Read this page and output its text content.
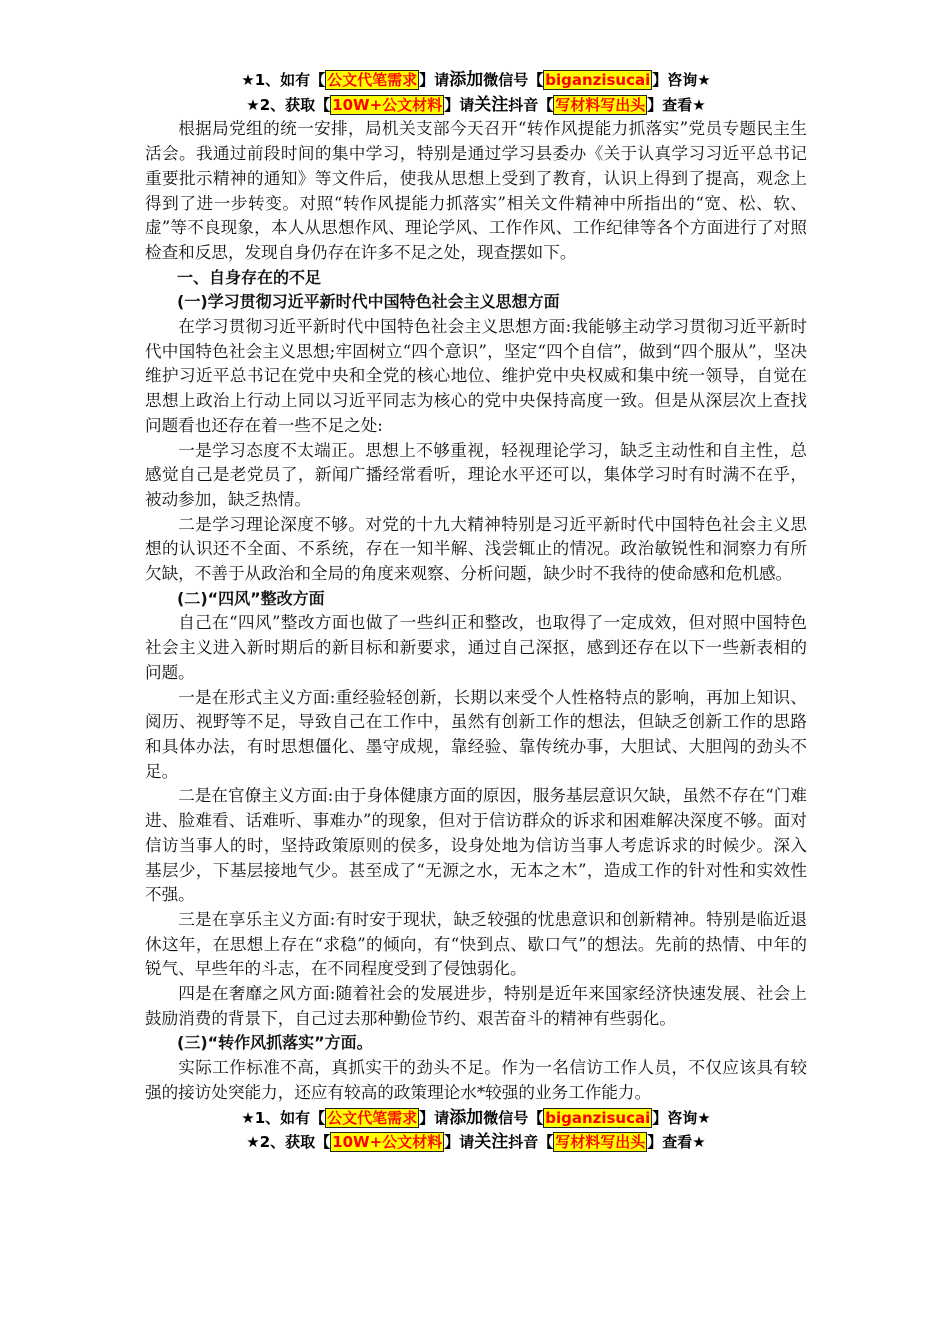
★1、如有【 公文代笔需求 】请添加微信号【 biganzisucai 】咨询★
★2、获取【 10W+公文材料 】请关注抖音【 写材料写出头 】查看★

根据局党组的统一安排，局机关支部今天召开“转作风提能力抓落实”党员专题民主生活会。我通过前段时间的集中学习，特别是通过学习县委办《关于认真学习习近平总书记重要批示精神的通知》等文件后，使我从思想上受到了教育，认识上得到了提高，观念上得到了进一步转变。对照“转作风提能力抓落实”相关文件精神中所指出的“宽、松、软、虚”等不良现象，本人从思想作风、理论学风、工作作风、工作纪律等各个方面进行了对照检查和反思，发现自身仍存在许多不足之处，现查摆如下。

一、自身存在的不足

(一)学习贯彻习近平新时代中国特色社会主义思想方面

在学习贯彻习近平新时代中国特色社会主义思想方面:我能够主动学习贯彻习近平新时代中国特色社会主义思想;牢固树立“四个意识”，坚定“四个自信”，做到“四个服从”，坚决维护习近平总书记在党中央和全党的核心地位、维护党中央权威和集中统一领导，自觉在思想上政治上行动上同以习近平同志为核心的党中央保持高度一致。但是从深层次上查找问题看也还存在着一些不足之处:

一是学习态度不太端正。思想上不够重视，轻视理论学习，缺乏主动性和自主性，总感觉自己是老党员了，新闻广播经常看听，理论水平还可以，集体学习时有时满不在乎，被动参加，缺乏热情。

二是学习理论深度不够。对党的十九大精神特别是习近平新时代中国特色社会主义思想的认识还不全面、不系统，存在一知半解、浅尝辄止的情况。政治敏锐性和洞察力有所欠缺，不善于从政治和全局的角度来观察、分析问题，缺少时不我待的使命感和危机感。

(二)“四风”整改方面

自己在“四风”整改方面也做了一些纠正和整改，也取得了一定成效，但对照中国特色社会主义进入新时期后的新目标和新要求，通过自己深抠，感到还存在以下一些新表相的问题。

一是在形式主义方面:重经验轻创新，长期以来受个人性格特点的影响，再加上知识、阅历、视野等不足，导致自己在工作中，虽然有创新工作的想法，但缺乏创新工作的思路和具体办法，有时思想僵化、墨守成规，靠经验、靠传统办事，大胆试、大胆闯的劲头不足。

二是在官僚主义方面:由于身体健康方面的原因，服务基层意识欠缺，虽然不存在“门难进、脸难看、话难听、事难办”的现象，但对于信访群众的诉求和困难解决深度不够。面对信访当事人的时，坚持政策原则的侯多，设身处地为信访当事人考虑诉求的时候少。深入基层少，下基层接地气少。甚至成了“无源之水，无本之木”，造成工作的针对性和实效性不强。

三是在享乐主义方面:有时安于现状，缺乏较强的忧患意识和创新精神。特别是临近退休这年，在思想上存在“求稳”的倾向，有“快到点、歇口气”的想法。先前的热情、中年的锐气、早些年的斗志，在不同程度受到了侵蚀弱化。

四是在奢靡之风方面:随着社会的发展进步，特别是近年来国家经济快速发展、社会上鼓励消费的背景下，自己过去那种勤俭节约、艰苦奋斗的精神有些弱化。

(三)“转作风抓落实”方面。

实际工作标准不高，真抓实干的劲头不足。作为一名信访工作人员，不仅应该具有较强的接访处突能力，还应有较高的政策理论水*较强的业务工作能力。

★1、如有【 公文代笔需求 】请添加微信号【 biganzisucai 】咨询★
★2、获取【 10W+公文材料 】请关注抖音【 写材料写出头 】查看★
